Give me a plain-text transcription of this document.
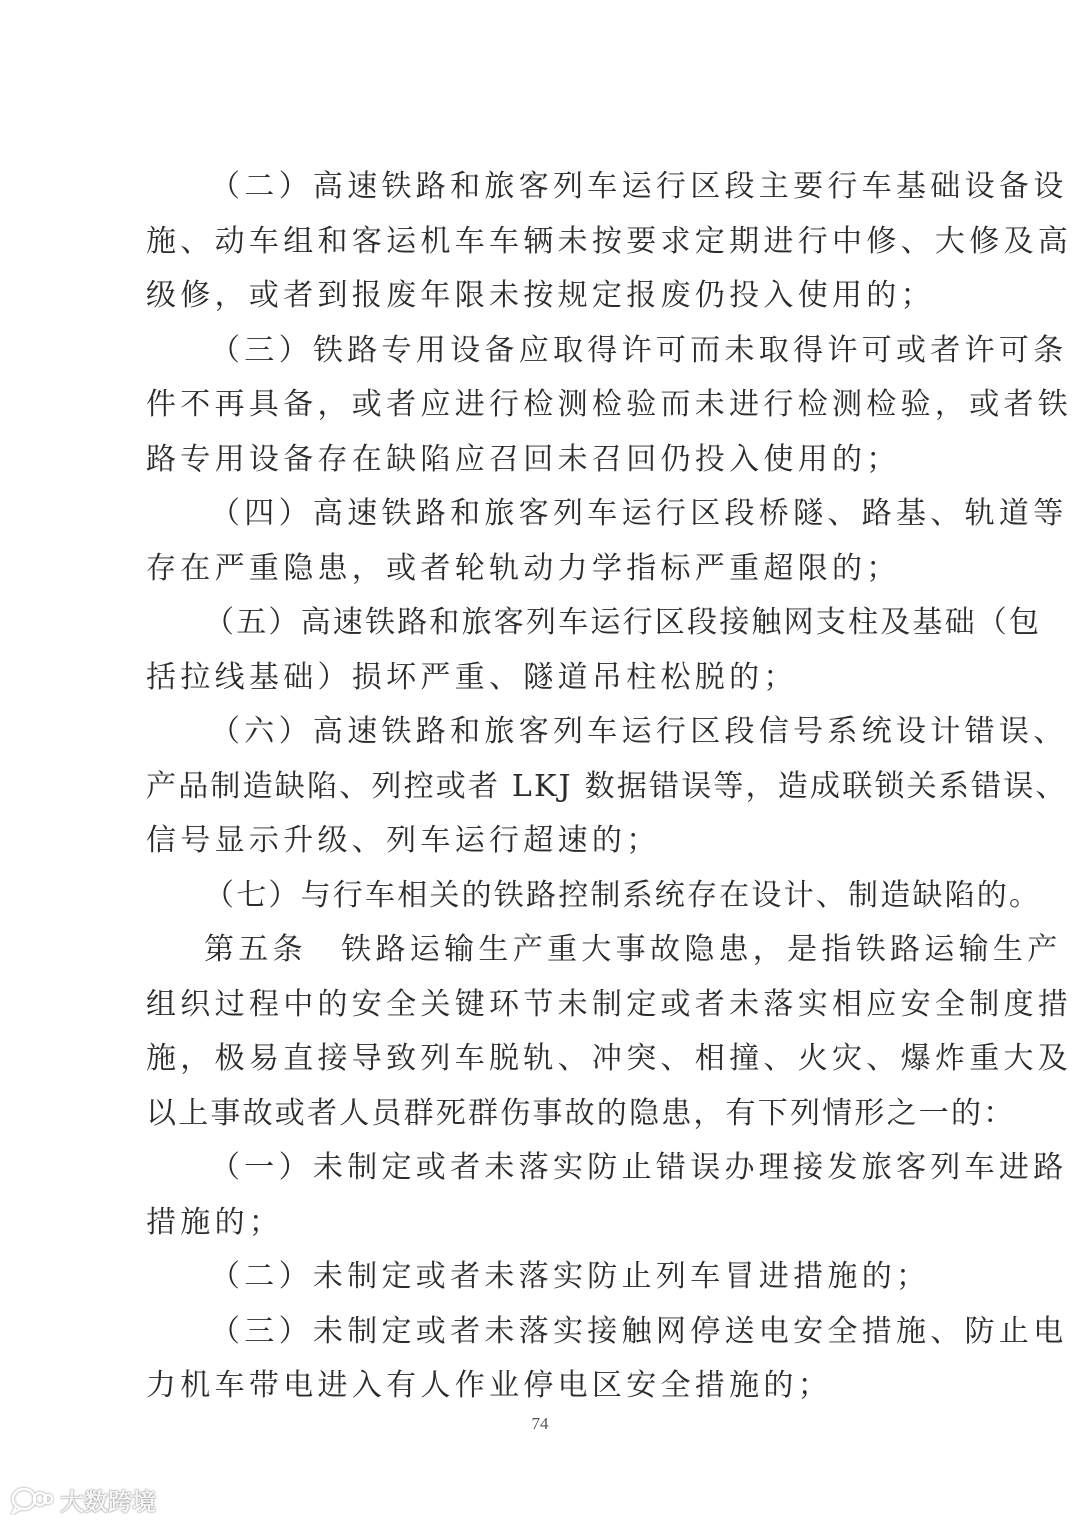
（二）高速铁路和旅客列车运行区段主要行车基础设备设
施、动车组和客运机车车辆未按要求定期进行中修、大修及高
级修，或者到报废年限未按规定报废仍投入使用的；
（三）铁路专用设备应取得许可而未取得许可或者许可条
件不再具备，或者应进行检测检验而未进行检测检验，或者铁
路专用设备存在缺陷应召回未召回仍投入使用的；
（四）高速铁路和旅客列车运行区段桥隧、路基、轨道等
存在严重隐患，或者轮轨动力学指标严重超限的；
（五）高速铁路和旅客列车运行区段接触网支柱及基础（包
括拉线基础）损坏严重、隧道吊柱松脱的；
（六）高速铁路和旅客列车运行区段信号系统设计错误、
产品制造缺陷、列控或者 LKJ 数据错误等，造成联锁关系错误、
信号显示升级、列车运行超速的；
（七）与行车相关的铁路控制系统存在设计、制造缺陷的。
第五条　铁路运输生产重大事故隐患，是指铁路运输生产
组织过程中的安全关键环节未制定或者未落实相应安全制度措
施，极易直接导致列车脱轨、冲突、相撞、火灾、爆炸重大及
以上事故或者人员群死群伤事故的隐患，有下列情形之一的：
（一）未制定或者未落实防止错误办理接发旅客列车进路
措施的；
（二）未制定或者未落实防止列车冒进措施的；
（三）未制定或者未落实接触网停送电安全措施、防止电
力机车带电进入有人作业停电区安全措施的；
74
大数跨境
